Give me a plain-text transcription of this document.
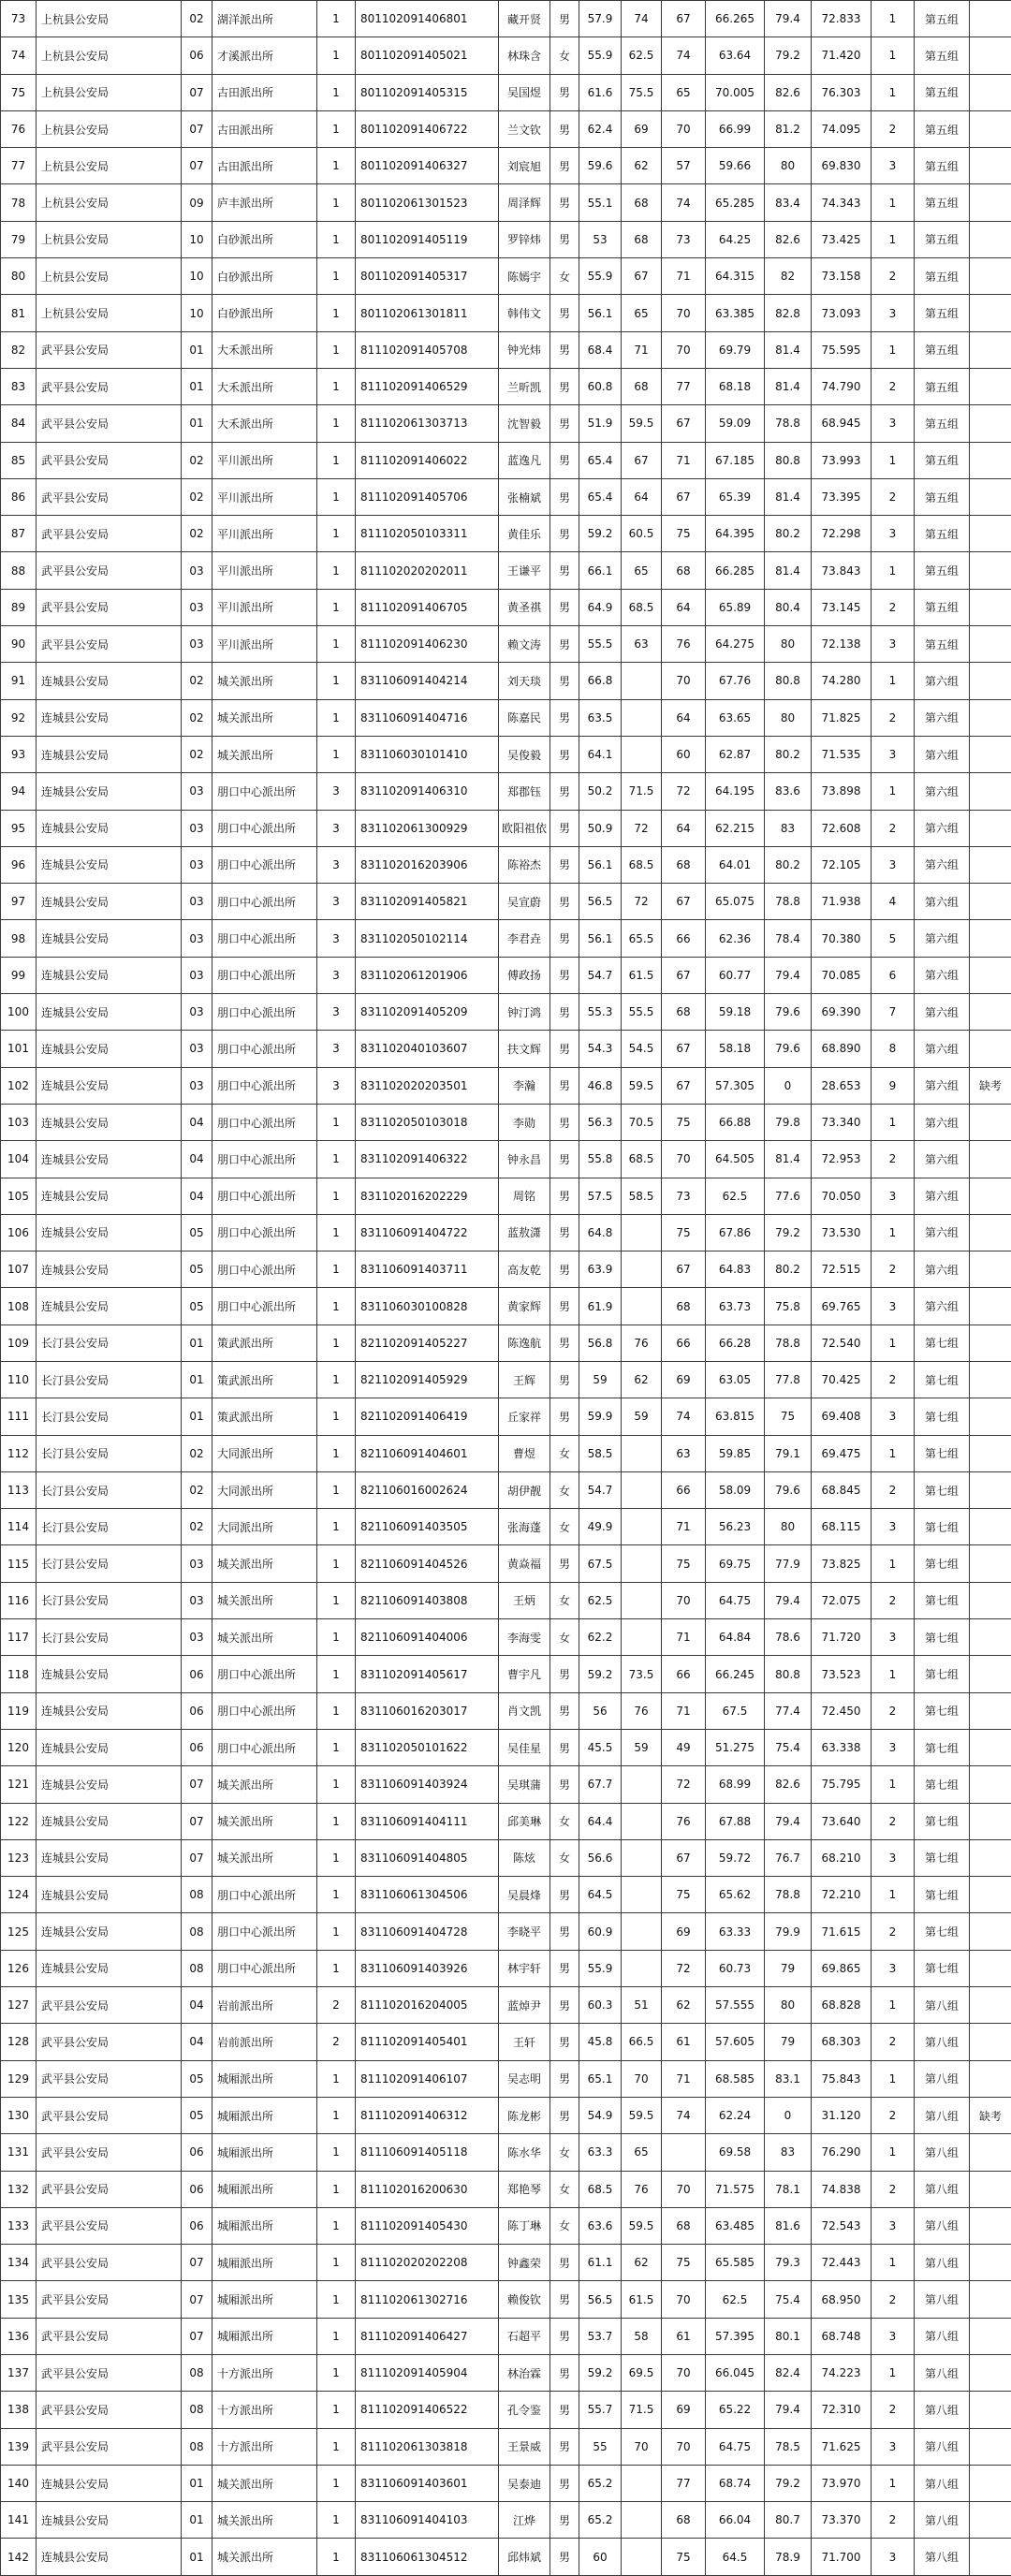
73	上杭县公安局	02	湖洋派出所	1	801102091406801	藏开贤	男	57.9	74	67	66.265	79.4	72.833	1	第五组	
74	上杭县公安局	06	才溪派出所	1	801102091405021	林珠含	女	55.9	62.5	74	63.64	79.2	71.420	1	第五组	
75	上杭县公安局	07	古田派出所	1	801102091405315	吴国煜	男	61.6	75.5	65	70.005	82.6	76.303	1	第五组	
76	上杭县公安局	07	古田派出所	1	801102091406722	兰文钦	男	62.4	69	70	66.99	81.2	74.095	2	第五组	
77	上杭县公安局	07	古田派出所	1	801102091406327	刘宸旭	男	59.6	62	57	59.66	80	69.830	3	第五组	
78	上杭县公安局	09	庐丰派出所	1	801102061301523	周泽辉	男	55.1	68	74	65.285	83.4	74.343	1	第五组	
79	上杭县公安局	10	白砂派出所	1	801102091405119	罗锌炜	男	53	68	73	64.25	82.6	73.425	1	第五组	
80	上杭县公安局	10	白砂派出所	1	801102091405317	陈嫣宇	女	55.9	67	71	64.315	82	73.158	2	第五组	
81	上杭县公安局	10	白砂派出所	1	801102061301811	韩伟文	男	56.1	65	70	63.385	82.8	73.093	3	第五组	
82	武平县公安局	01	大禾派出所	1	811102091405708	钟光炜	男	68.4	71	70	69.79	81.4	75.595	1	第五组	
83	武平县公安局	01	大禾派出所	1	811102091406529	兰昕凯	男	60.8	68	77	68.18	81.4	74.790	2	第五组	
84	武平县公安局	01	大禾派出所	1	811102061303713	沈智毅	男	51.9	59.5	67	59.09	78.8	68.945	3	第五组	
85	武平县公安局	02	平川派出所	1	811102091406022	蓝逸凡	男	65.4	67	71	67.185	80.8	73.993	1	第五组	
86	武平县公安局	02	平川派出所	1	811102091405706	张楠斌	男	65.4	64	67	65.39	81.4	73.395	2	第五组	
87	武平县公安局	02	平川派出所	1	811102050103311	黄佳乐	男	59.2	60.5	75	64.395	80.2	72.298	3	第五组	
88	武平县公安局	03	平川派出所	1	811102020202011	王谦平	男	66.1	65	68	66.285	81.4	73.843	1	第五组	
89	武平县公安局	03	平川派出所	1	811102091406705	黄圣祺	男	64.9	68.5	64	65.89	80.4	73.145	2	第五组	
90	武平县公安局	03	平川派出所	1	811102091406230	赖文涛	男	55.5	63	76	64.275	80	72.138	3	第五组	
91	连城县公安局	02	城关派出所	1	831106091404214	刘天琰	男	66.8		70	67.76	80.8	74.280	1	第六组	
92	连城县公安局	02	城关派出所	1	831106091404716	陈嘉民	男	63.5		64	63.65	80	71.825	2	第六组	
93	连城县公安局	02	城关派出所	1	831106030101410	吴俊毅	男	64.1		60	62.87	80.2	71.535	3	第六组	
94	连城县公安局	03	朋口中心派出所	3	831102091406310	郑郡钰	男	50.2	71.5	72	64.195	83.6	73.898	1	第六组	
95	连城县公安局	03	朋口中心派出所	3	831102061300929	欧阳祖依	男	50.9	72	64	62.215	83	72.608	2	第六组	
96	连城县公安局	03	朋口中心派出所	3	831102016203906	陈裕杰	男	56.1	68.5	68	64.01	80.2	72.105	3	第六组	
97	连城县公安局	03	朋口中心派出所	3	831102091405821	吴宣蔚	男	56.5	72	67	65.075	78.8	71.938	4	第六组	
98	连城县公安局	03	朋口中心派出所	3	831102050102114	李君垚	男	56.1	65.5	66	62.36	78.4	70.380	5	第六组	
99	连城县公安局	03	朋口中心派出所	3	831102061201906	傅政扬	男	54.7	61.5	67	60.77	79.4	70.085	6	第六组	
100	连城县公安局	03	朋口中心派出所	3	831102091405209	钟汀鸿	男	55.3	55.5	68	59.18	79.6	69.390	7	第六组	
101	连城县公安局	03	朋口中心派出所	3	831102040103607	扶文辉	男	54.3	54.5	67	58.18	79.6	68.890	8	第六组	
102	连城县公安局	03	朋口中心派出所	3	831102020203501	李瀚	男	46.8	59.5	67	57.305	0	28.653	9	第六组	缺考
103	连城县公安局	04	朋口中心派出所	1	831102050103018	李勋	男	56.3	70.5	75	66.88	79.8	73.340	1	第六组	
104	连城县公安局	04	朋口中心派出所	1	831102091406322	钟永昌	男	55.8	68.5	70	64.505	81.4	72.953	2	第六组	
105	连城县公安局	04	朋口中心派出所	1	831102016202229	周铭	男	57.5	58.5	73	62.5	77.6	70.050	3	第六组	
106	连城县公安局	05	朋口中心派出所	1	831106091404722	蓝敖潇	男	64.8		75	67.86	79.2	73.530	1	第六组	
107	连城县公安局	05	朋口中心派出所	1	831106091403711	高友乾	男	63.9		67	64.83	80.2	72.515	2	第六组	
108	连城县公安局	05	朋口中心派出所	1	831106030100828	黄家辉	男	61.9		68	63.73	75.8	69.765	3	第六组	
109	长汀县公安局	01	策武派出所	1	821102091405227	陈逸航	男	56.8	76	66	66.28	78.8	72.540	1	第七组	
110	长汀县公安局	01	策武派出所	1	821102091405929	王辉	男	59	62	69	63.05	77.8	70.425	2	第七组	
111	长汀县公安局	01	策武派出所	1	821102091406419	丘家祥	男	59.9	59	74	63.815	75	69.408	3	第七组	
112	长汀县公安局	02	大同派出所	1	821106091404601	曹煜	女	58.5		63	59.85	79.1	69.475	1	第七组	
113	长汀县公安局	02	大同派出所	1	821106016002624	胡伊靓	女	54.7		66	58.09	79.6	68.845	2	第七组	
114	长汀县公安局	02	大同派出所	1	821106091403505	张海蓬	女	49.9		71	56.23	80	68.115	3	第七组	
115	长汀县公安局	03	城关派出所	1	821106091404526	黄焱福	男	67.5		75	69.75	77.9	73.825	1	第七组	
116	长汀县公安局	03	城关派出所	1	821106091403808	王炳	女	62.5		70	64.75	79.4	72.075	2	第七组	
117	长汀县公安局	03	城关派出所	1	821106091404006	李海雯	女	62.2		71	64.84	78.6	71.720	3	第七组	
118	连城县公安局	06	朋口中心派出所	1	831102091405617	曹宇凡	男	59.2	73.5	66	66.245	80.8	73.523	1	第七组	
119	连城县公安局	06	朋口中心派出所	1	831106016203017	肖文凯	男	56	76	71	67.5	77.4	72.450	2	第七组	
120	连城县公安局	06	朋口中心派出所	1	831102050101622	吴佳星	男	45.5	59	49	51.275	75.4	63.338	3	第七组	
121	连城县公安局	07	城关派出所	1	831106091403924	吴琪蒲	男	67.7		72	68.99	82.6	75.795	1	第七组	
122	连城县公安局	07	城关派出所	1	831106091404111	邱美琳	女	64.4		76	67.88	79.4	73.640	2	第七组	
123	连城县公安局	07	城关派出所	1	831106091404805	陈炫	女	56.6		67	59.72	76.7	68.210	3	第七组	
124	连城县公安局	08	朋口中心派出所	1	831106061304506	吴晨烽	男	64.5		75	65.62	78.8	72.210	1	第七组	
125	连城县公安局	08	朋口中心派出所	1	831106091404728	李晓平	男	60.9		69	63.33	79.9	71.615	2	第七组	
126	连城县公安局	08	朋口中心派出所	1	831106091403926	林宇轩	男	55.9		72	60.73	79	69.865	3	第七组	
127	武平县公安局	04	岩前派出所	2	811102016204005	蓝焯尹	男	60.3	51	62	57.555	80	68.828	1	第八组	
128	武平县公安局	04	岩前派出所	2	811102091405401	王轩	男	45.8	66.5	61	57.605	79	68.303	2	第八组	
129	武平县公安局	05	城厢派出所	1	811102091406107	吴志明	男	65.1	70	71	68.585	83.1	75.843	1	第八组	
130	武平县公安局	05	城厢派出所	1	811102091406312	陈龙彬	男	54.9	59.5	74	62.24	0	31.120	2	第八组	缺考
131	武平县公安局	06	城厢派出所	1	811106091405118	陈水华	女	63.3	65		69.58	83	76.290	1	第八组	
132	武平县公安局	06	城厢派出所	1	811102016200630	郑艳琴	女	68.5	76	70	71.575	78.1	74.838	2	第八组	
133	武平县公安局	06	城厢派出所	1	811102091405430	陈丁琳	女	63.6	59.5	68	63.485	81.6	72.543	3	第八组	
134	武平县公安局	07	城厢派出所	1	811102020202208	钟鑫荣	男	61.1	62	75	65.585	79.3	72.443	1	第八组	
135	武平县公安局	07	城厢派出所	1	811102061302716	赖俊钦	男	56.5	61.5	70	62.5	75.4	68.950	2	第八组	
136	武平县公安局	07	城厢派出所	1	811102091406427	石超平	男	53.7	58	61	57.395	80.1	68.748	3	第八组	
137	武平县公安局	08	十方派出所	1	811102091405904	林治霖	男	59.2	69.5	70	66.045	82.4	74.223	1	第八组	
138	武平县公安局	08	十方派出所	1	811102091406522	孔令鉴	男	55.7	71.5	69	65.22	79.4	72.310	2	第八组	
139	武平县公安局	08	十方派出所	1	811102061303818	王景威	男	55	70	70	64.75	78.5	71.625	3	第八组	
140	连城县公安局	01	城关派出所	1	831106091403601	吴泰迪	男	65.2		77	68.74	79.2	73.970	1	第八组	
141	连城县公安局	01	城关派出所	1	831106091404103	江烨	男	65.2		68	66.04	80.7	73.370	2	第八组	
142	连城县公安局	01	城关派出所	1	831106061304512	邱炜斌	男	60		75	64.5	78.9	71.700	3	第八组	
